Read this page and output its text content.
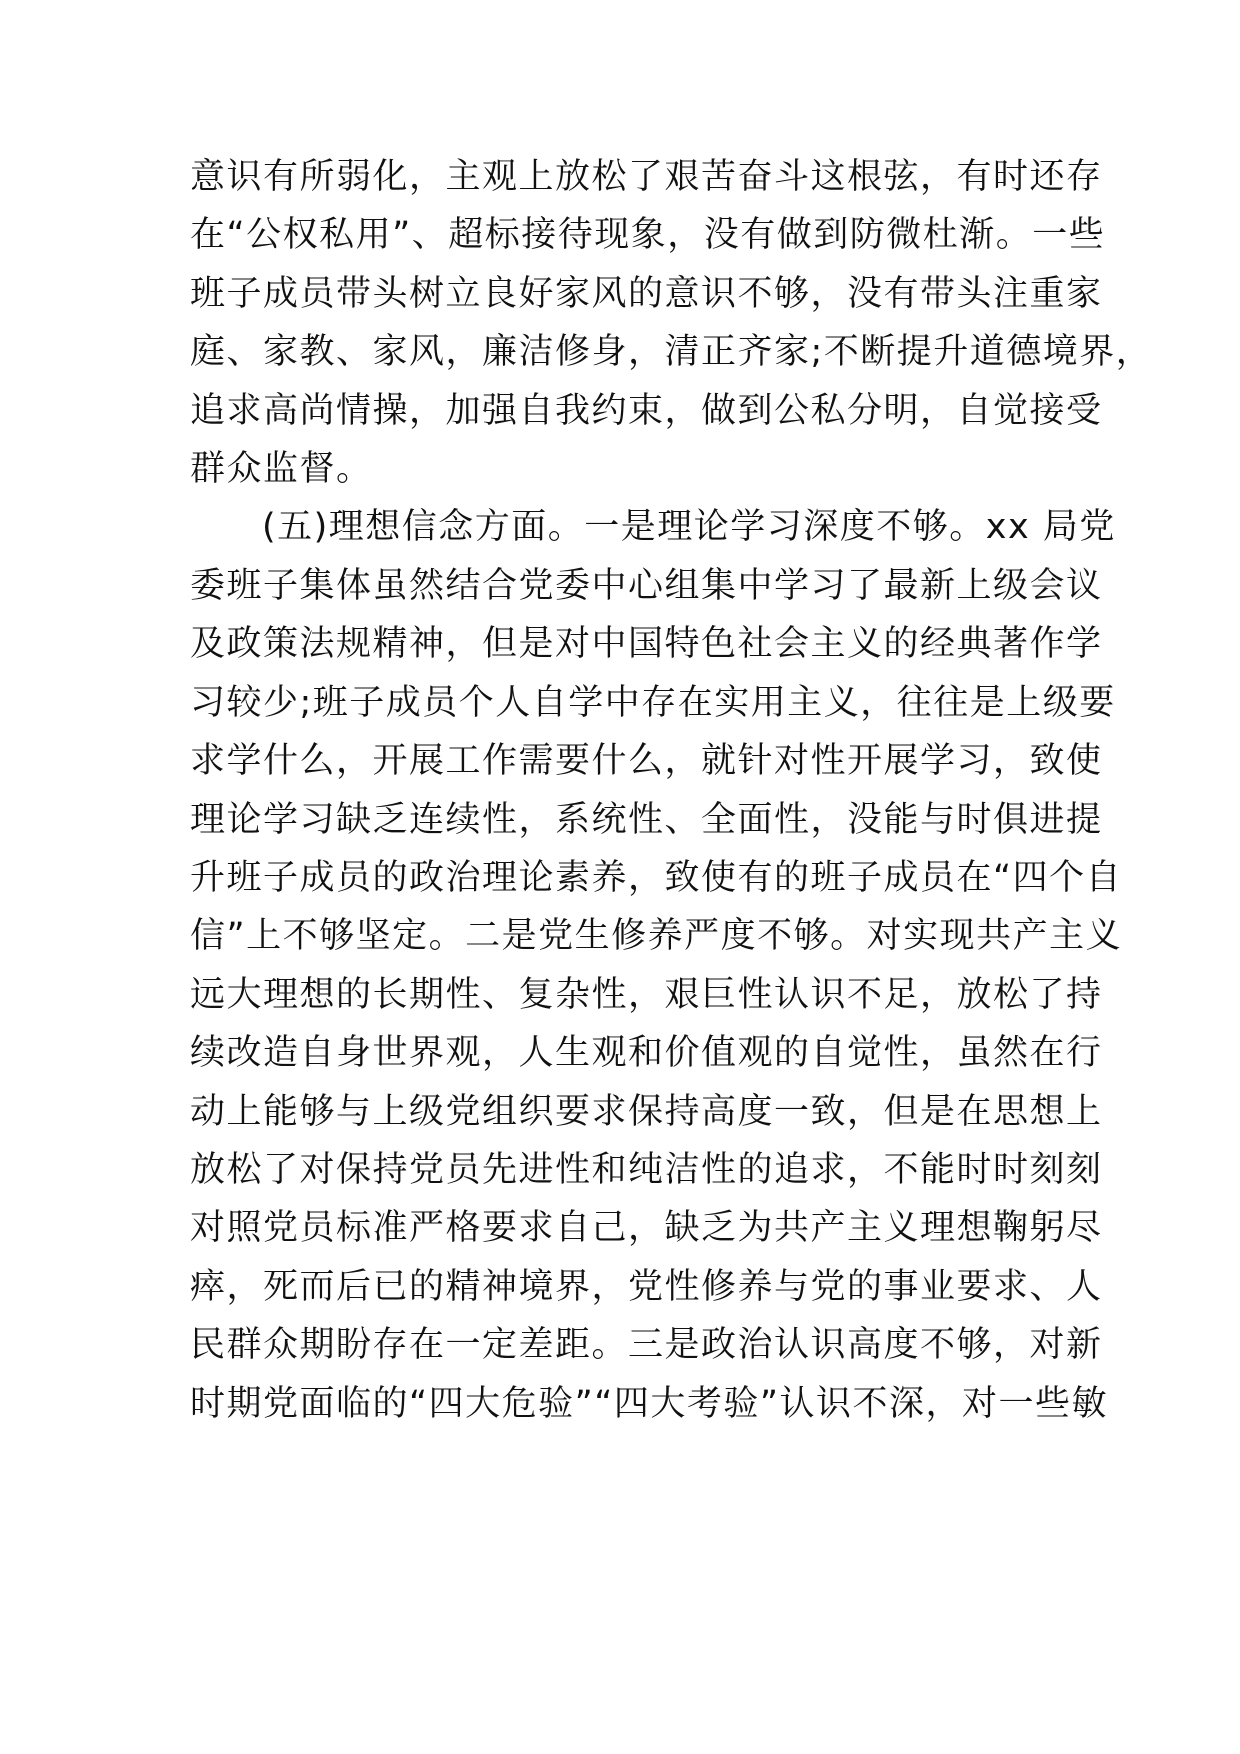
意识有所弱化，主观上放松了艰苦奋斗这根弦，有时还存

在“公权私用”、超标接待现象，没有做到防微杜渐。一些

班子成员带头树立良好家风的意识不够，没有带头注重家

庭、家教、家风，廉洁修身，清正齐家;不断提升道德境界，

追求高尚情操，加强自我约束，做到公私分明，自觉接受

群众监督。

(五)理想信念方面。一是理论学习深度不够。xx 局党

委班子集体虽然结合党委中心组集中学习了最新上级会议

及政策法规精神，但是对中国特色社会主义的经典著作学

习较少;班子成员个人自学中存在实用主义，往往是上级要

求学什么，开展工作需要什么，就针对性开展学习，致使

理论学习缺乏连续性，系统性、全面性，没能与时俱进提

升班子成员的政治理论素养，致使有的班子成员在“四个自

信”上不够坚定。二是党生修养严度不够。对实现共产主义

远大理想的长期性、复杂性，艰巨性认识不足，放松了持

续改造自身世界观，人生观和价值观的自觉性，虽然在行

动上能够与上级党组织要求保持高度一致，但是在思想上

放松了对保持党员先进性和纯洁性的追求，不能时时刻刻

对照党员标准严格要求自己，缺乏为共产主义理想鞠躬尽

瘁，死而后已的精神境界，党性修养与党的事业要求、人

民群众期盼存在一定差距。三是政治认识高度不够，对新

时期党面临的“四大危验”“四大考验”认识不深，对一些敏
